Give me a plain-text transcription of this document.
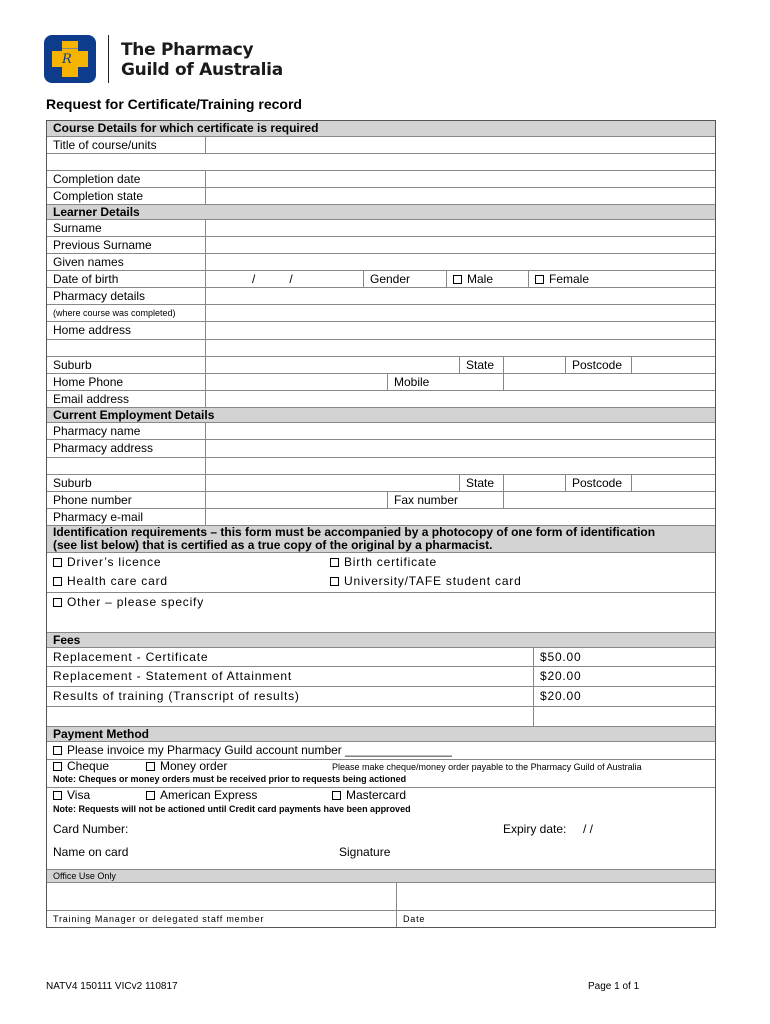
R	The Pharmacy
Guild of Australia
Request for Certificate/Training record
Course Details for which certificate is required
Title of course/units
Completion date
Completion state
Learner Details
Surname
Previous Surname
Given names
Date of birth	/	/	Gender	Male	Female
Pharmacy details
(where course was completed)
Home address
Suburb	State	Postcode
Home Phone	Mobile
Email address
Current Employment Details
Pharmacy name
Pharmacy address
Suburb	State	Postcode
Phone number	Fax number
Pharmacy e-mail
Identification requirements – this form must be accompanied by a photocopy of one form of identification
(see list below) that is certified as a true copy of the original by a pharmacist.
Driver’s licence	Birth certificate
Health care card	University/TAFE student card
Other – please specify
Fees
Replacement - Certificate	$50.00
Replacement - Statement of Attainment	$20.00
Results of training (Transcript of results)	$20.00
Payment Method
Please invoice my Pharmacy Guild account number ________________
Cheque	Money order	Please make cheque/money order payable to the Pharmacy Guild of Australia
Note: Cheques or money orders must be received prior to requests being actioned
Visa	American Express	Mastercard
Note: Requests will not be actioned until Credit card payments have been approved
Card Number:	Expiry date:	/ /
Name on card	Signature
Office Use Only
Training Manager or delegated staff member	Date
NATV4 150111 VICv2 110817	Page 1 of 1
